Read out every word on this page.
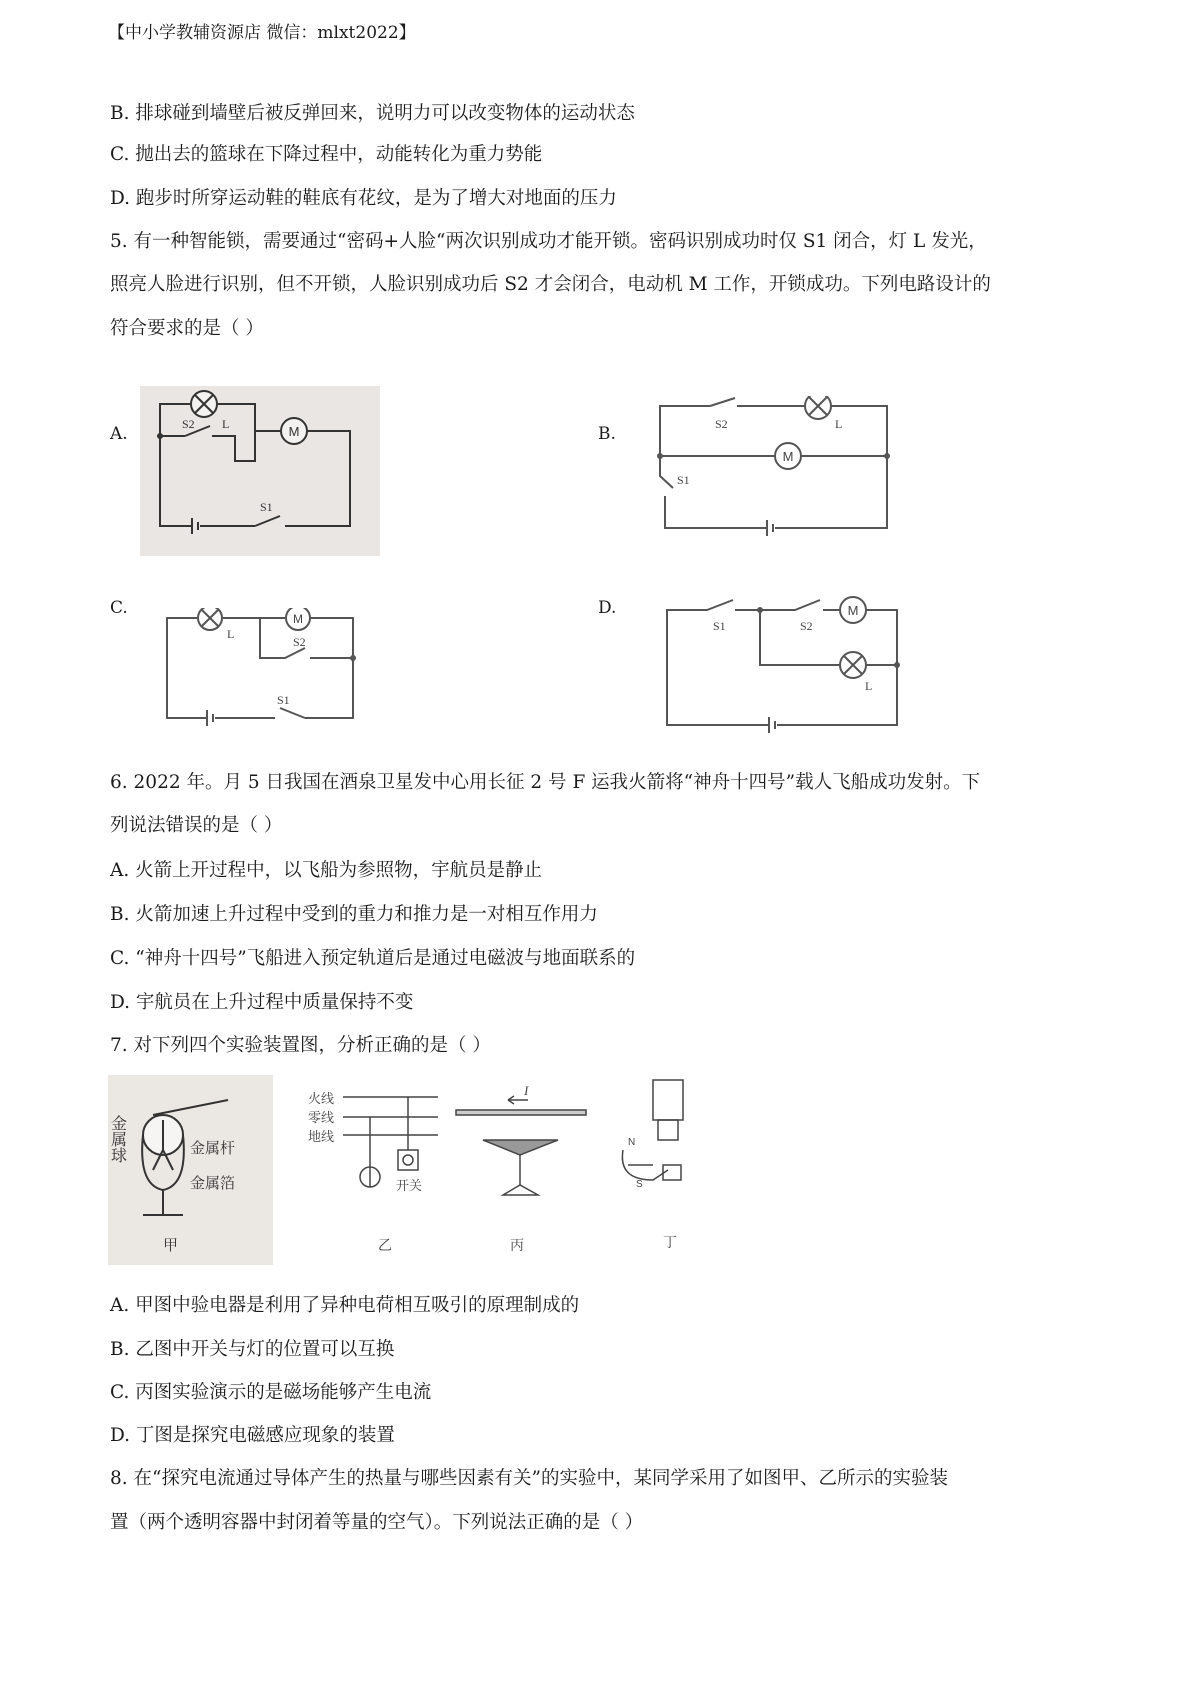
【中小学教辅资源店 微信：mlxt2022】
B. 排球碰到墙壁后被反弹回来，说明力可以改变物体的运动状态
C. 抛出去的篮球在下降过程中，动能转化为重力势能
D. 跑步时所穿运动鞋的鞋底有花纹，是为了增大对地面的压力
5. 有一种智能锁，需要通过“密码+人脸“两次识别成功才能开锁。密码识别成功时仅 S1 闭合，灯 L 发光，
照亮人脸进行识别，但不开锁，人脸识别成功后 S2 才会闭合，电动机 M 工作，开锁成功。下列电路设计的
符合要求的是（ ）
A.	B.
C.	D.
M
S2 L
S1
M
S2	L
S1
M
L
S2
S1
M
S1	S2
L
6. 2022 年。月 5 日我国在酒泉卫星发中心用长征 2 号 F 运我火箭将“神舟十四号”载人飞船成功发射。下
列说法错误的是（ ）
A. 火箭上开过程中，以飞船为参照物，宇航员是静止
B. 火箭加速上升过程中受到的重力和推力是一对相互作用力
C. “神舟十四号”飞船进入预定轨道后是通过电磁波与地面联系的
D. 宇航员在上升过程中质量保持不变
7. 对下列四个实验装置图，分析正确的是（ ）
金属球	金属杆
金属箔
甲
火线
零线
地线
开关
乙
I
丙
N
S
丁
A. 甲图中验电器是利用了异种电荷相互吸引的原理制成的
B. 乙图中开关与灯的位置可以互换
C. 丙图实验演示的是磁场能够产生电流
D. 丁图是探究电磁感应现象的装置
8. 在“探究电流通过导体产生的热量与哪些因素有关”的实验中，某同学采用了如图甲、乙所示的实验装
置（两个透明容器中封闭着等量的空气）。下列说法正确的是（ ）
